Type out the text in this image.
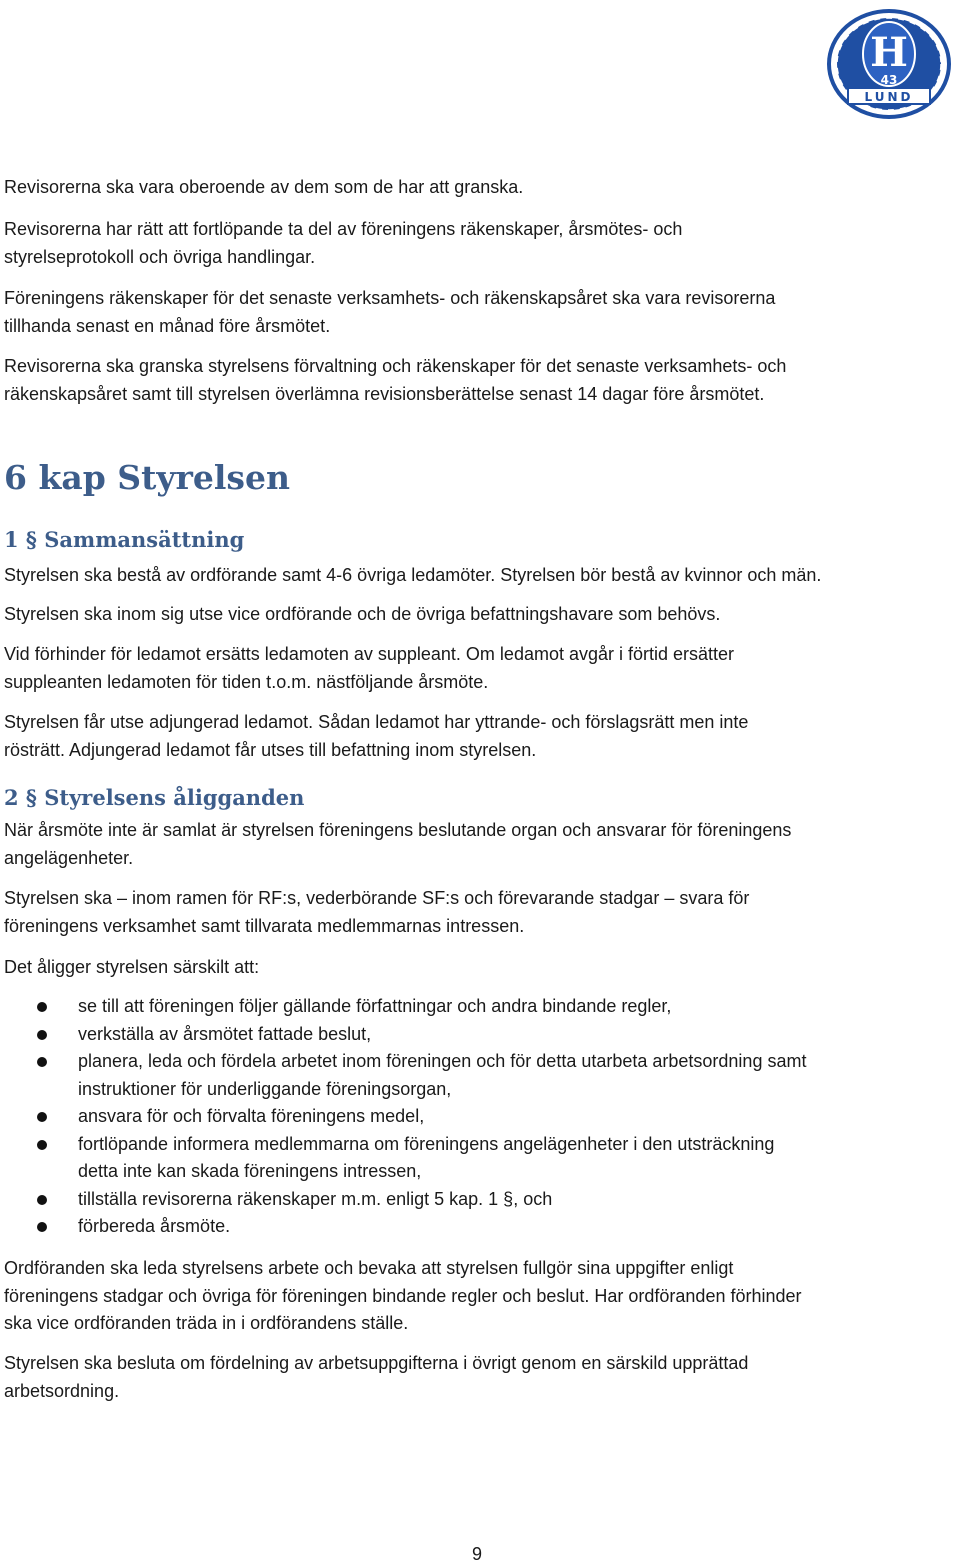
H
43
LUND

Revisorerna ska vara oberoende av dem som de har att granska.

Revisorerna har rätt att fortlöpande ta del av föreningens räkenskaper, årsmötes- och
styrelseprotokoll och övriga handlingar.

Föreningens räkenskaper för det senaste verksamhets- och räkenskapsåret ska vara revisorerna
tillhanda senast en månad före årsmötet.

Revisorerna ska granska styrelsens förvaltning och räkenskaper för det senaste verksamhets- och
räkenskapsåret samt till styrelsen överlämna revisionsberättelse senast 14 dagar före årsmötet.

6 kap Styrelsen
1 § Sammansättning

Styrelsen ska bestå av ordförande samt 4-6 övriga ledamöter. Styrelsen bör bestå av kvinnor och män.

Styrelsen ska inom sig utse vice ordförande och de övriga befattningshavare som behövs.

Vid förhinder för ledamot ersätts ledamoten av suppleant. Om ledamot avgår i förtid ersätter
suppleanten ledamoten för tiden t.o.m. nästföljande årsmöte.

Styrelsen får utse adjungerad ledamot. Sådan ledamot har yttrande- och förslagsrätt men inte
rösträtt. Adjungerad ledamot får utses till befattning inom styrelsen.

2 § Styrelsens åligganden

När årsmöte inte är samlat är styrelsen föreningens beslutande organ och ansvarar för föreningens
angelägenheter.

Styrelsen ska – inom ramen för RF:s, vederbörande SF:s och förevarande stadgar – svara för
föreningens verksamhet samt tillvarata medlemmarnas intressen.

Det åligger styrelsen särskilt att:

se till att föreningen följer gällande författningar och andra bindande regler,
verkställa av årsmötet fattade beslut,
planera, leda och fördela arbetet inom föreningen och för detta utarbeta arbetsordning samt
instruktioner för underliggande föreningsorgan,
ansvara för och förvalta föreningens medel,
fortlöpande informera medlemmarna om föreningens angelägenheter i den utsträckning
detta inte kan skada föreningens intressen,
tillställa revisorerna räkenskaper m.m. enligt 5 kap. 1 §, och
förbereda årsmöte.

Ordföranden ska leda styrelsens arbete och bevaka att styrelsen fullgör sina uppgifter enligt
föreningens stadgar och övriga för föreningen bindande regler och beslut. Har ordföranden förhinder
ska vice ordföranden träda in i ordförandens ställe.

Styrelsen ska besluta om fördelning av arbetsuppgifterna i övrigt genom en särskild upprättad
arbetsordning.

9
